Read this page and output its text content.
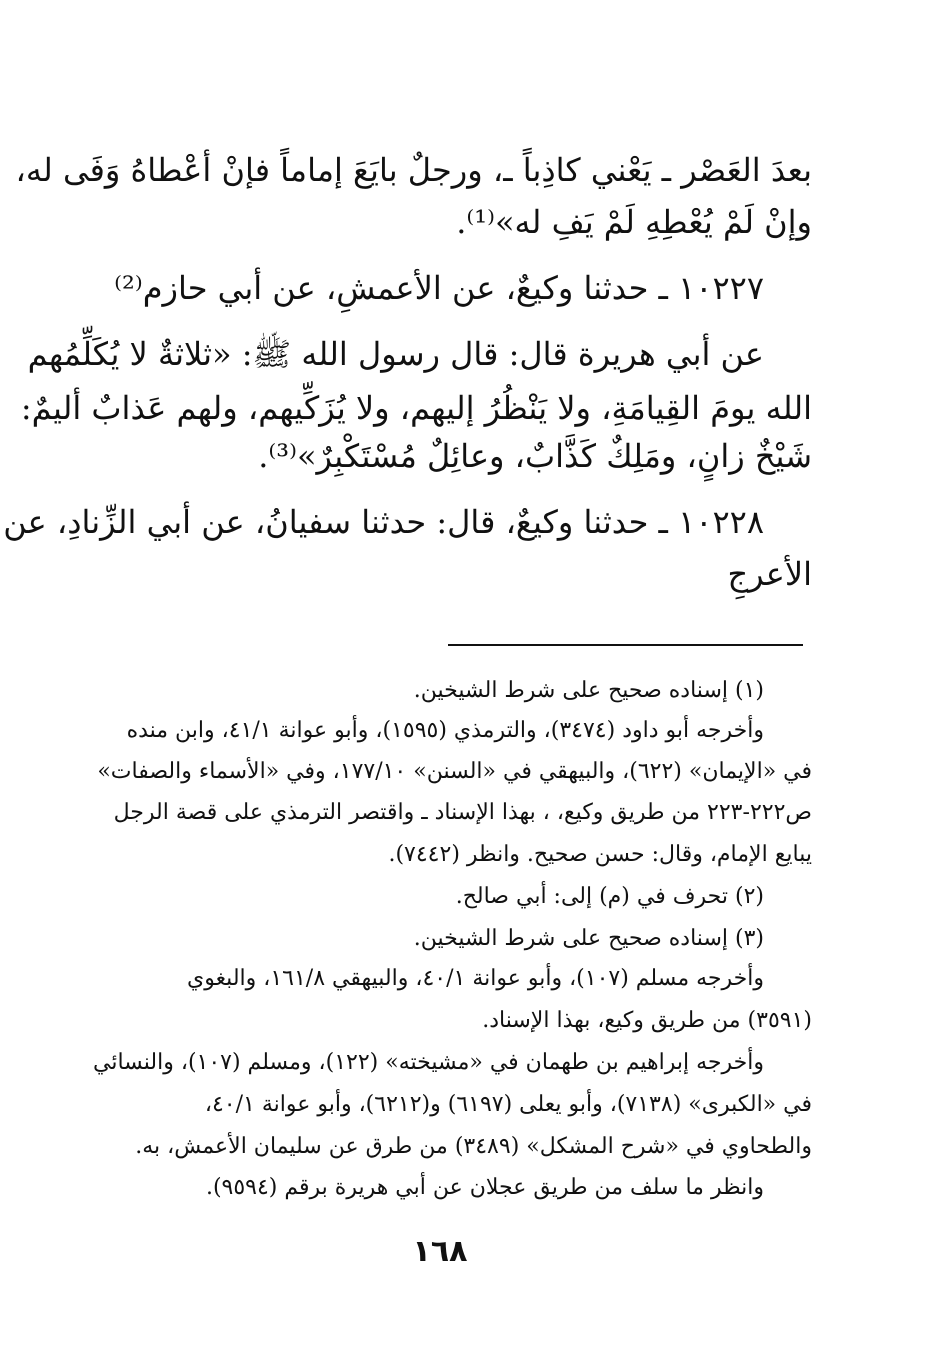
بعدَ العَصْر ـ يَعْني كاذِباً ـ، ورجلٌ بايَعَ إماماً فإنْ أعْطاهُ وَفَى له،
وإنْ لَمْ يُعْطِهِ لَمْ يَفِ له»⁽¹⁾.
١٠٢٢٧ ـ حدثنا وكيعٌ، عن الأعمشِ، عن أبي حازم⁽²⁾
عن أبي هريرة قال: قال رسول الله ﷺ: «ثلاثةٌ لا يُكَلِّمُهم
الله يومَ القِيامَةِ، ولا يَنْظُرُ إليهم، ولا يُزَكِّيهم، ولهم عَذابٌ أليمٌ:
شَيْخٌ زانٍ، ومَلِكٌ كَذَّابٌ، وعائِلٌ مُسْتَكْبِرٌ»⁽³⁾.
١٠٢٢٨ ـ حدثنا وكيعٌ، قال: حدثنا سفيانُ، عن أبي الزِّنادِ، عن
الأعرجِ
(١) إسناده صحيح على شرط الشيخين.
وأخرجه أبو داود (٣٤٧٤)، والترمذي (١٥٩٥)، وأبو عوانة ٤١/١، وابن منده
في «الإيمان» (٦٢٢)، والبيهقي في «السنن» ١٧٧/١٠، وفي «الأسماء والصفات»
ص٢٢٢-٢٢٣ من طريق وكيع، ، بهذا الإسناد ـ واقتصر الترمذي على قصة الرجل
يبايع الإمام، وقال: حسن صحيح. وانظر (٧٤٤٢).
(٢) تحرف في (م) إلى: أبي صالح.
(٣) إسناده صحيح على شرط الشيخين.
وأخرجه مسلم (١٠٧)، وأبو عوانة ٤٠/١، والبيهقي ١٦١/٨، والبغوي
(٣٥٩١) من طريق وكيع، بهذا الإسناد.
وأخرجه إبراهيم بن طهمان في «مشيخته» (١٢٢)، ومسلم (١٠٧)، والنسائي
في «الكبرى» (٧١٣٨)، وأبو يعلى (٦١٩٧) و(٦٢١٢)، وأبو عوانة ٤٠/١،
والطحاوي في «شرح المشكل» (٣٤٨٩) من طرق عن سليمان الأعمش، به.
وانظر ما سلف من طريق عجلان عن أبي هريرة برقم (٩٥٩٤).
١٦٨
